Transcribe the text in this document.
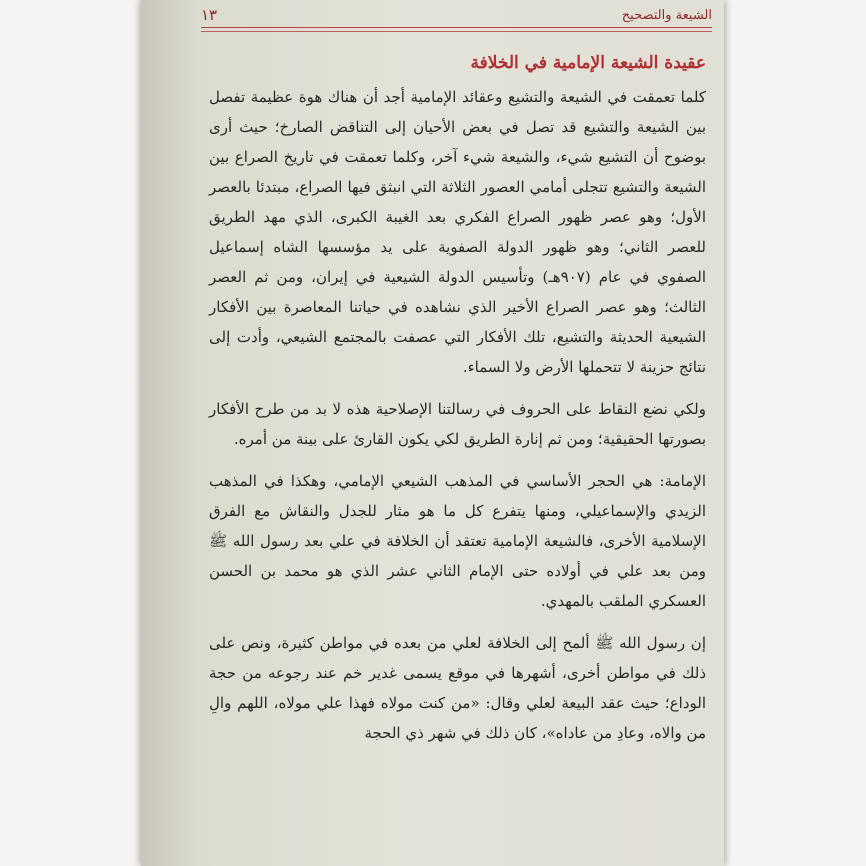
الشيعة والتصحيح
١٣
عقيدة الشيعة الإمامية في الخلافة

كلما تعمقت في الشيعة والتشيع وعقائد الإمامية أجد أن هناك هوة عظيمة تفصل بين الشيعة والتشيع قد تصل في بعض الأحيان إلى التناقض الصارخ؛ حيث أرى بوضوح أن التشيع شيء، والشيعة شيء آخر، وكلما تعمقت في تاريخ الصراع بين الشيعة والتشيع تتجلى أمامي العصور الثلاثة التي انبثق فيها الصراع، مبتدئا بالعصر الأول؛ وهو عصر ظهور الصراع الفكري بعد الغيبة الكبرى، الذي مهد الطريق للعصر الثاني؛ وهو ظهور الدولة الصفوية على يد مؤسسها الشاه إسماعيل الصفوي في عام (٩٠٧هـ) وتأسيس الدولة الشيعية في إيران، ومن ثم العصر الثالث؛ وهو عصر الصراع الأخير الذي نشاهده في حياتنا المعاصرة بين الأفكار الشيعية الحديثة والتشيع، تلك الأفكار التي عصفت بالمجتمع الشيعي، وأدت إلى نتائج حزينة لا تتحملها الأرض ولا السماء.

ولكي نضع النقاط على الحروف في رسالتنا الإصلاحية هذه لا بد من طرح الأفكار بصورتها الحقيقية؛ ومن ثم إنارة الطريق لكي يكون القارئ على بينة من أمره.

الإمامة: هي الحجر الأساسي في المذهب الشيعي الإمامي، وهكذا في المذهب الزيدي والإسماعيلي، ومنها يتفرع كل ما هو مثار للجدل والنقاش مع الفرق الإسلامية الأخرى، فالشيعة الإمامية تعتقد أن الخلافة في علي بعد رسول الله ﷺ ومن بعد علي في أولاده حتى الإمام الثاني عشر الذي هو محمد بن الحسن العسكري الملقب بالمهدي.

إن رسول الله ﷺ ألمح إلى الخلافة لعلي من بعده في مواطن كثيرة، ونص على ذلك في مواطن أخرى، أشهرها في موقع يسمى غدير خم عند رجوعه من حجة الوداع؛ حيث عقد البيعة لعلي وقال: «من كنت مولاه فهذا علي مولاه، اللهم والِ من والاه، وعادِ من عاداه»، كان ذلك في شهر ذي الحجة
